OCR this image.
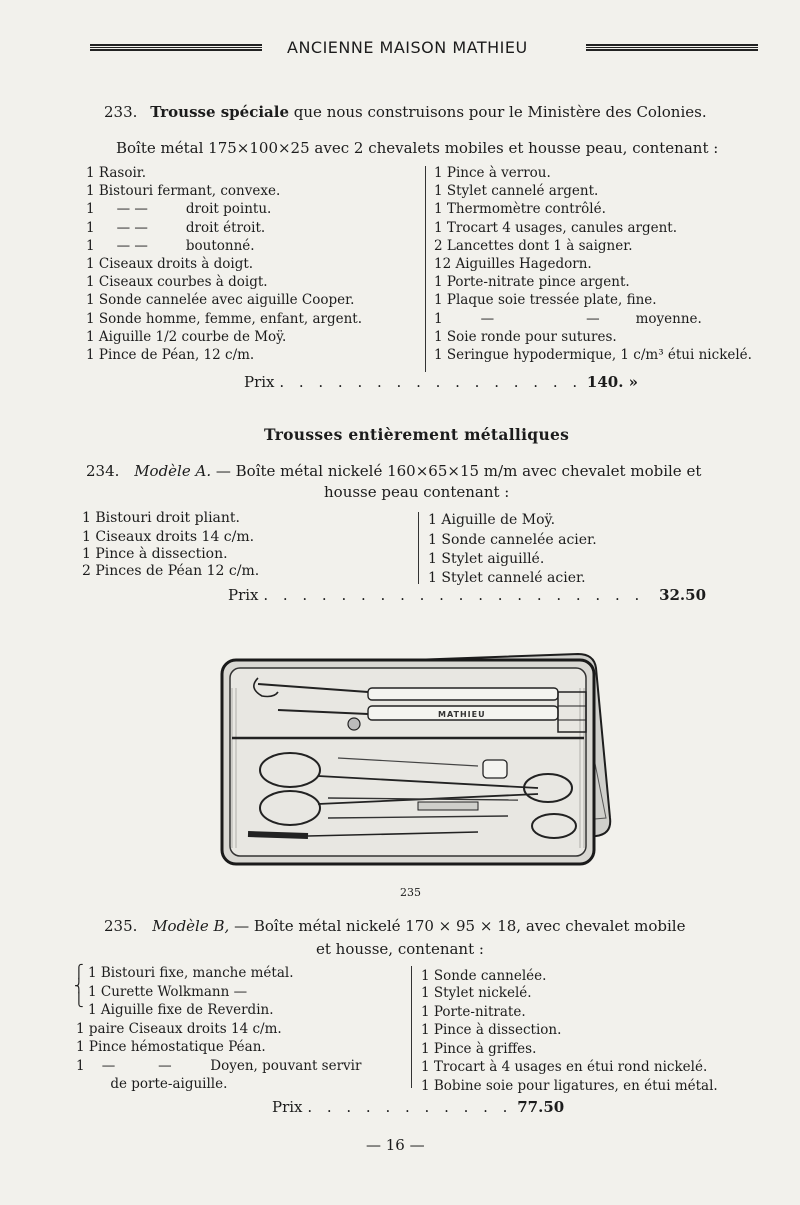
ANCIENNE MAISON MATHIEU
233. Trousse spéciale que nous construisons pour le Ministère des Colonies.
Boîte métal 175×100×25 avec 2 chevalets mobiles et housse peau, contenant :
1 Rasoir.
1 Bistouri fermant, convexe.
1 — —	droit pointu.
1 — —	droit étroit.
1 — —	boutonné.
1 Ciseaux droits à doigt.
1 Ciseaux courbes à doigt.
1 Sonde cannelée avec aiguille Cooper.
1 Sonde homme, femme, enfant, argent.
1 Aiguille 1/2 courbe de Moÿ.
1 Pince de Péan, 12 c/m.
1 Pince à verrou.
1 Stylet cannelé argent.
1 Thermomètre contrôlé.
1 Trocart 4 usages, canules argent.
2 Lancettes dont 1 à saigner.
12 Aiguilles Hagedorn.
1 Porte-nitrate pince argent.
1 Plaque soie tressée plate, fine.
1	—	—	moyenne.
1 Soie ronde pour sutures.
1 Seringue hypodermique, 1 c/m³ étui nickelé.
Prix . . . . . . . . . . . . . . . . 140. »
Trousses entièrement métalliques
234. Modèle A. — Boîte métal nickelé 160×65×15 m/m avec chevalet mobile et
housse peau contenant :
1 Bistouri droit pliant.
1 Ciseaux droits 14 c/m.
1 Pince à dissection.
2 Pinces de Péan 12 c/m.
1 Aiguille de Moÿ.
1 Sonde cannelée acier.
1 Stylet aiguillé.
1 Stylet cannelé acier.
Prix . . . . . . . . . . . . . . . . . . . . 32.50
MATHIEU
235
235. Modèle B, — Boîte métal nickelé 170 × 95 × 18, avec chevalet mobile
et housse, contenant :
⎧
⎨
⎩
1 Bistouri fixe, manche métal.
1 Curette Wolkmann —
1 Aiguille fixe de Reverdin.
1 paire Ciseaux droits 14 c/m.
1 Pince hémostatique Péan.
1    —          —         Doyen, pouvant servir
de porte-aiguille.
1 Sonde cannelée.
1 Stylet nickelé.
1 Porte-nitrate.
1 Pince à dissection.
1 Pince à griffes.
1 Trocart à 4 usages en étui rond nickelé.
1 Bobine soie pour ligatures, en étui métal.
Prix . . . . . . . . . . . 77.50
— 16 —
